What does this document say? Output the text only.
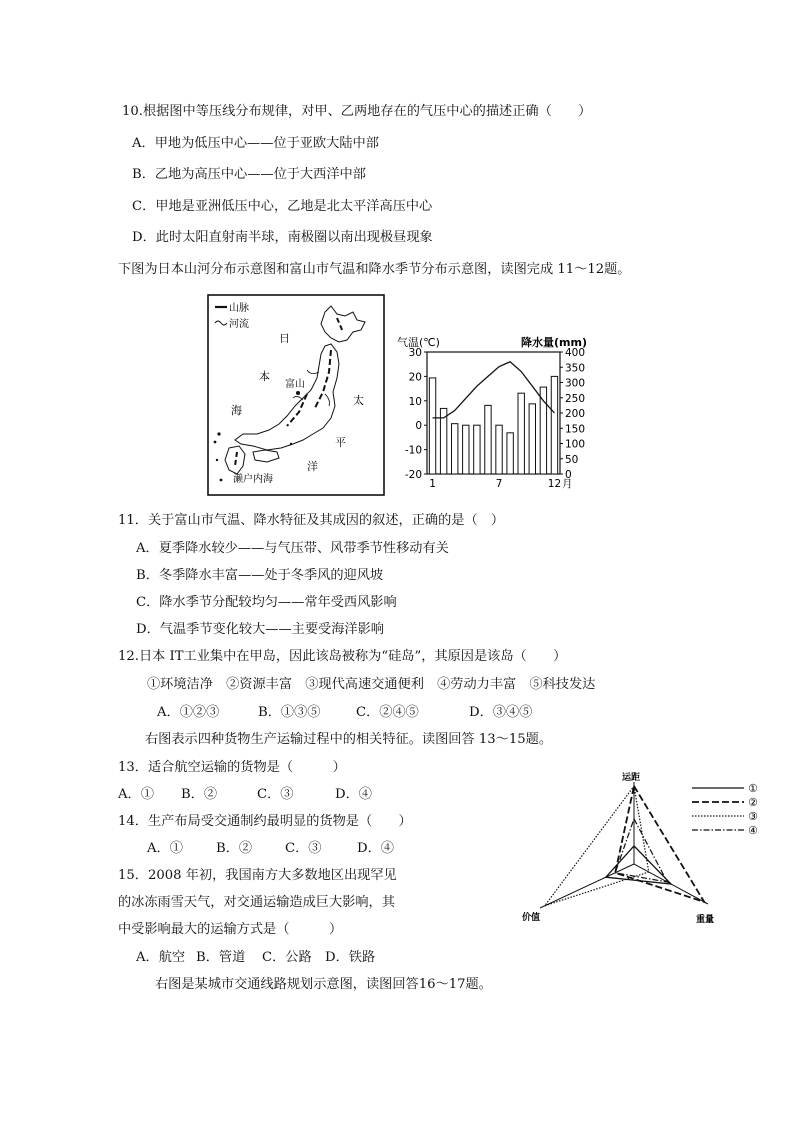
10.根据图中等压线分布规律，对甲、乙两地存在的气压中心的描述正确（　　）
A．甲地为低压中心——位于亚欧大陆中部
B．乙地为高压中心——位于大西洋中部
C．甲地是亚洲低压中心，乙地是北太平洋高压中心
D．此时太阳直射南半球，南极圈以南出现极昼现象
下图为日本山河分布示意图和富山市气温和降水季节分布示意图，读图完成 11～12题。
山脉
河流
富山
日
本
海
太
平
洋
濑户内海
气温(℃)	降水量(mm)
30
20
10
0
-10
-20
400
350
300
250
200
150
100
50
0
1	7	12 月
11．关于富山市气温、降水特征及其成因的叙述，正确的是（　）
A．夏季降水较少——与气压带、风带季节性移动有关
B．冬季降水丰富——处于冬季风的迎风坡
C．降水季节分配较均匀——常年受西风影响
D．气温季节变化较大——主要受海洋影响
12.日本 IT工业集中在甲岛，因此该岛被称为“硅岛”，其原因是该岛（　　）
①环境洁净　②资源丰富　③现代高速交通便利　④劳动力丰富　⑤科技发达
A．①②③	B．①③⑤	C．②④⑤	D．③④⑤
右图表示四种货物生产运输过程中的相关特征。读图回答 13～15题。
13．适合航空运输的货物是（　　　）
A．① B．②	C．③	D．④
14．生产布局受交通制约最明显的货物是（　　）
A．①	B．② C．③	D．④
15．2008 年初，我国南方大多数地区出现罕见
的冰冻雨雪天气，对交通运输造成巨大影响，其
中受影响最大的运输方式是（　　　）
A．航空 B．管道 C．公路 D．铁路
运距
重量
价值
①
②
③
④
右图是某城市交通线路规划示意图，读图回答16～17题。
